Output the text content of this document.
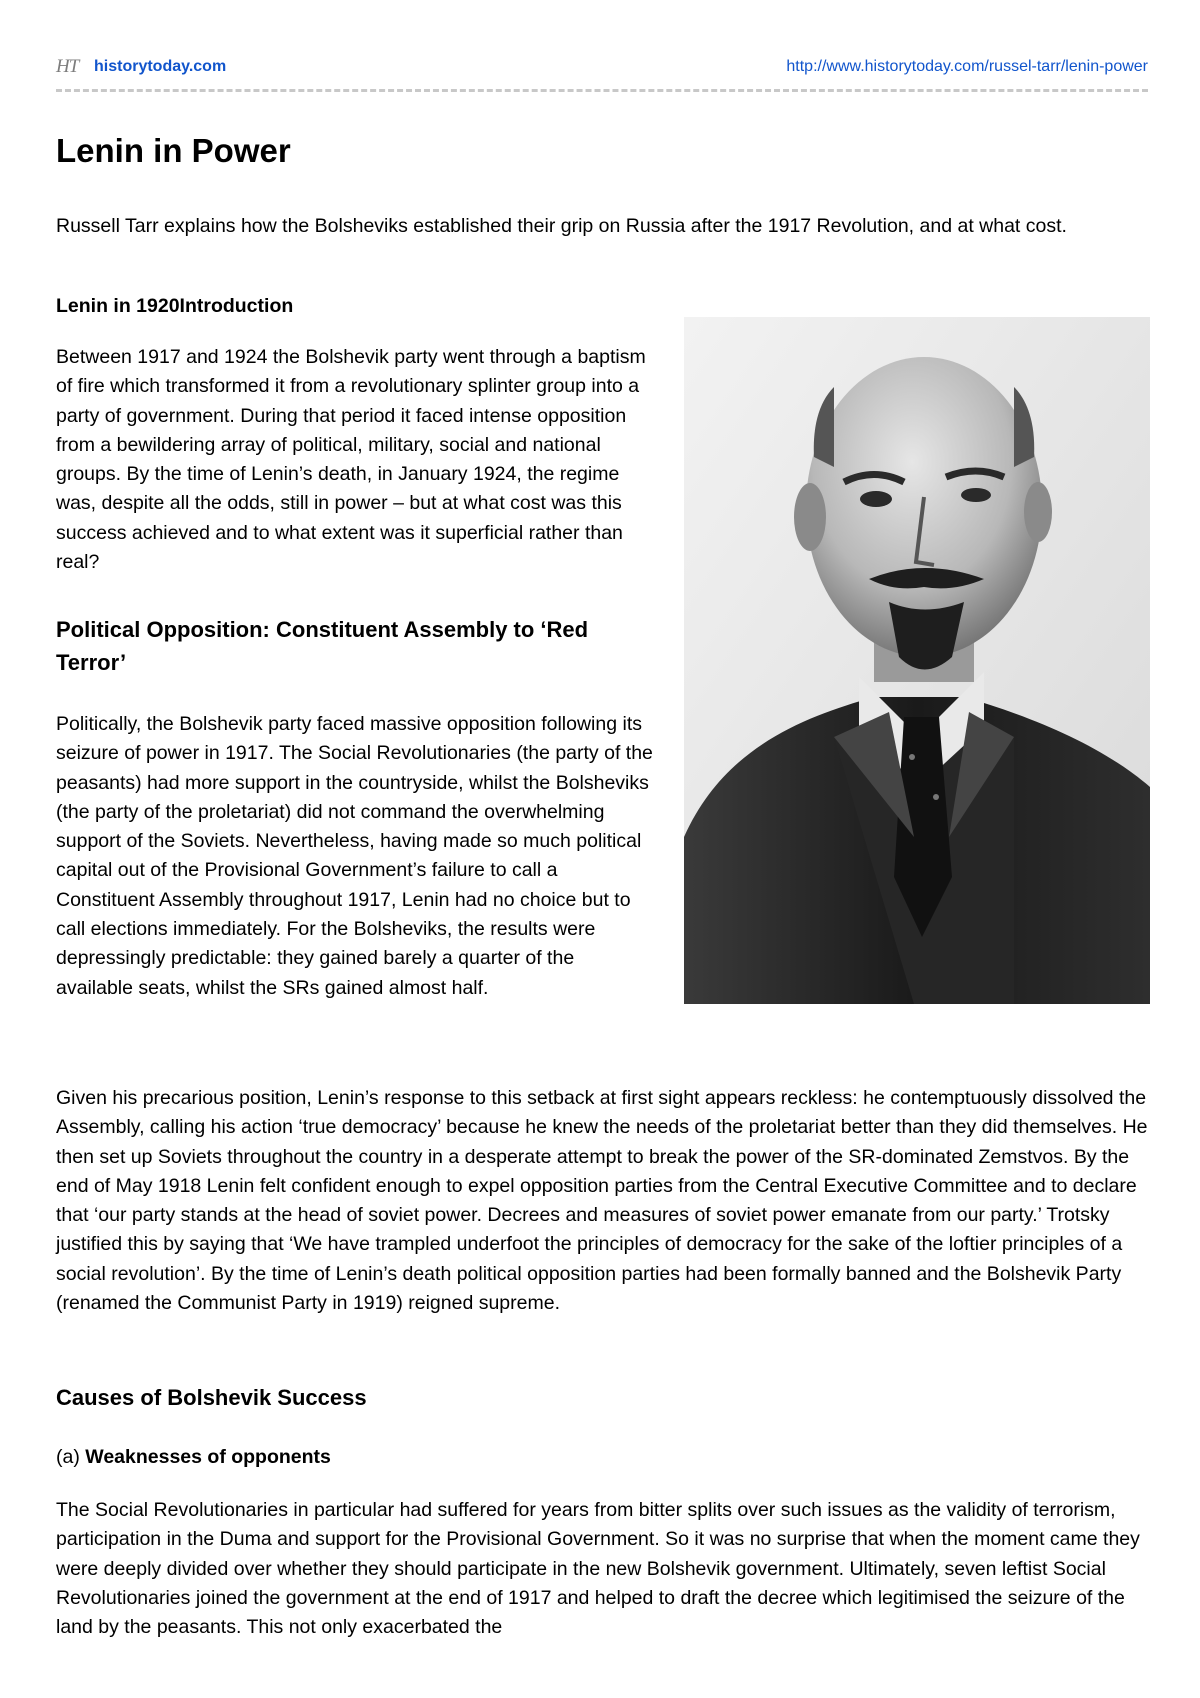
HT historytoday.com	http://www.historytoday.com/russel-tarr/lenin-power
Lenin in Power

Russell Tarr explains how the Bolsheviks established their grip on Russia after the 1917 Revolution, and at what cost.

Lenin in 1920Introduction

Between 1917 and 1924 the Bolshevik party went through a baptism of fire which transformed it from a revolutionary splinter group into a party of government. During that period it faced intense opposition from a bewildering array of political, military, social and national groups. By the time of Lenin’s death, in January 1924, the regime was, despite all the odds, still in power – but at what cost was this success achieved and to what extent was it superficial rather than real?

Political Opposition: Constituent Assembly to ‘Red Terror’

Politically, the Bolshevik party faced massive opposition following its seizure of power in 1917. The Social Revolutionaries (the party of the peasants) had more support in the countryside, whilst the Bolsheviks (the party of the proletariat) did not command the overwhelming support of the Soviets. Nevertheless, having made so much political capital out of the Provisional Government’s failure to call a Constituent Assembly throughout 1917, Lenin had no choice but to call elections immediately. For the Bolsheviks, the results were depressingly predictable: they gained barely a quarter of the available seats, whilst the SRs gained almost half.

Given his precarious position, Lenin’s response to this setback at first sight appears reckless: he contemptuously dissolved the Assembly, calling his action ‘true democracy’ because he knew the needs of the proletariat better than they did themselves. He then set up Soviets throughout the country in a desperate attempt to break the power of the SR-dominated Zemstvos. By the end of May 1918 Lenin felt confident enough to expel opposition parties from the Central Executive Committee and to declare that ‘our party stands at the head of soviet power. Decrees and measures of soviet power emanate from our party.’ Trotsky justified this by saying that ‘We have trampled underfoot the principles of democracy for the sake of the loftier principles of a social revolution’. By the time of Lenin’s death political opposition parties had been formally banned and the Bolshevik Party (renamed the Communist Party in 1919) reigned supreme.

Causes of Bolshevik Success

(a) Weaknesses of opponents

The Social Revolutionaries in particular had suffered for years from bitter splits over such issues as the validity of terrorism, participation in the Duma and support for the Provisional Government. So it was no surprise that when the moment came they were deeply divided over whether they should participate in the new Bolshevik government. Ultimately, seven leftist Social Revolutionaries joined the government at the end of 1917 and helped to draft the decree which legitimised the seizure of the land by the peasants. This not only exacerbated the
